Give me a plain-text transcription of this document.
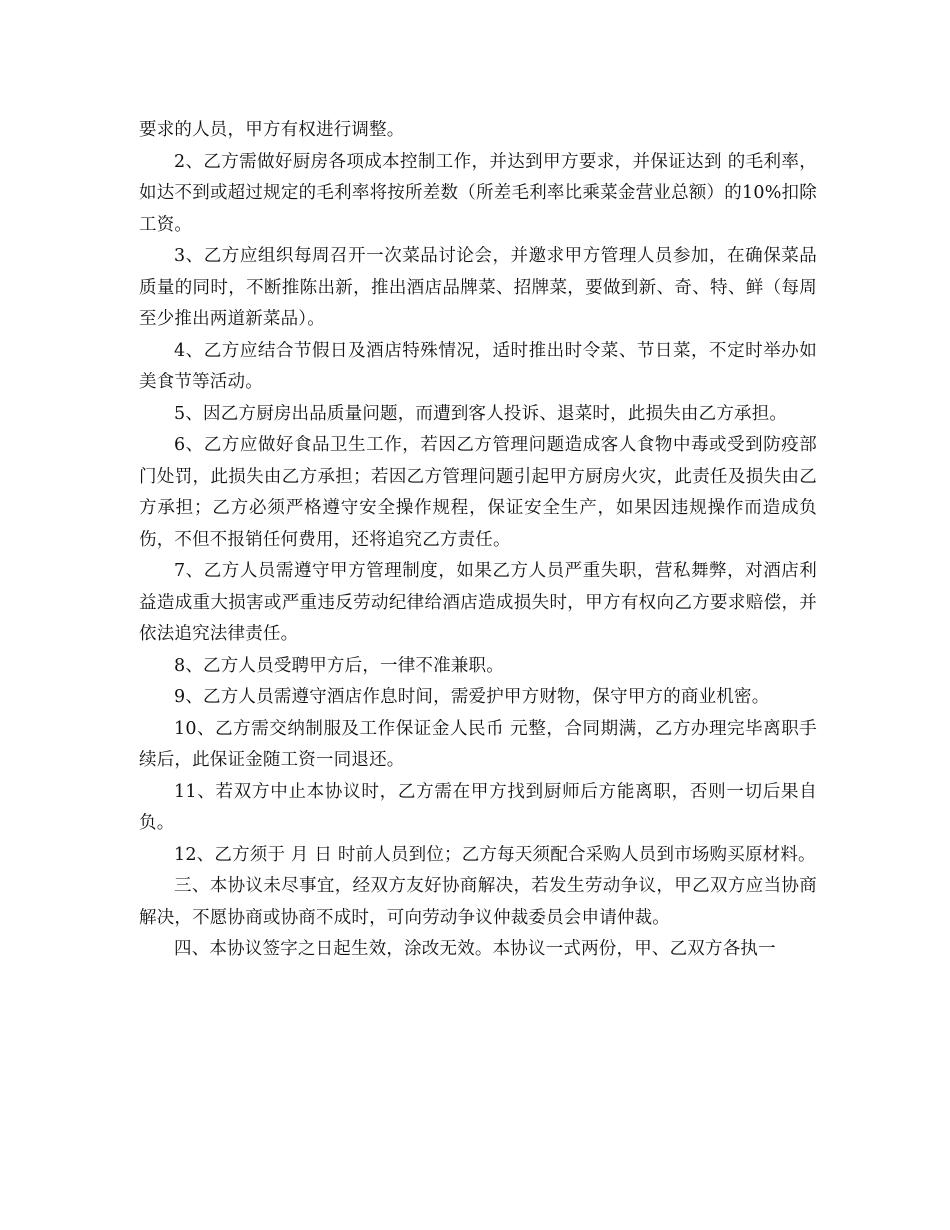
要求的人员，甲方有权进行调整。

2、乙方需做好厨房各项成本控制工作，并达到甲方要求，并保证达到 的毛利率，如达不到或超过规定的毛利率将按所差数（所差毛利率比乘菜金营业总额）的10%扣除工资。

3、乙方应组织每周召开一次菜品讨论会，并邀求甲方管理人员参加，在确保菜品质量的同时，不断推陈出新，推出酒店品牌菜、招牌菜，要做到新、奇、特、鲜（每周至少推出两道新菜品）。

4、乙方应结合节假日及酒店特殊情况，适时推出时令菜、节日菜，不定时举办如美食节等活动。

5、因乙方厨房出品质量问题，而遭到客人投诉、退菜时，此损失由乙方承担。

6、乙方应做好食品卫生工作，若因乙方管理问题造成客人食物中毒或受到防疫部门处罚，此损失由乙方承担；若因乙方管理问题引起甲方厨房火灾，此责任及损失由乙方承担；乙方必须严格遵守安全操作规程，保证安全生产，如果因违规操作而造成负伤，不但不报销任何费用，还将追究乙方责任。

7、乙方人员需遵守甲方管理制度，如果乙方人员严重失职，营私舞弊，对酒店利益造成重大损害或严重违反劳动纪律给酒店造成损失时，甲方有权向乙方要求赔偿，并依法追究法律责任。

8、乙方人员受聘甲方后，一律不准兼职。

9、乙方人员需遵守酒店作息时间，需爱护甲方财物，保守甲方的商业机密。

10、乙方需交纳制服及工作保证金人民币 元整，合同期满，乙方办理完毕离职手续后，此保证金随工资一同退还。

11、若双方中止本协议时，乙方需在甲方找到厨师后方能离职，否则一切后果自负。

12、乙方须于 月 日 时前人员到位；乙方每天须配合采购人员到市场购买原材料。

三、本协议未尽事宜，经双方友好协商解决，若发生劳动争议，甲乙双方应当协商解决，不愿协商或协商不成时，可向劳动争议仲裁委员会申请仲裁。

四、本协议签字之日起生效，涂改无效。本协议一式两份，甲、乙双方各执一
